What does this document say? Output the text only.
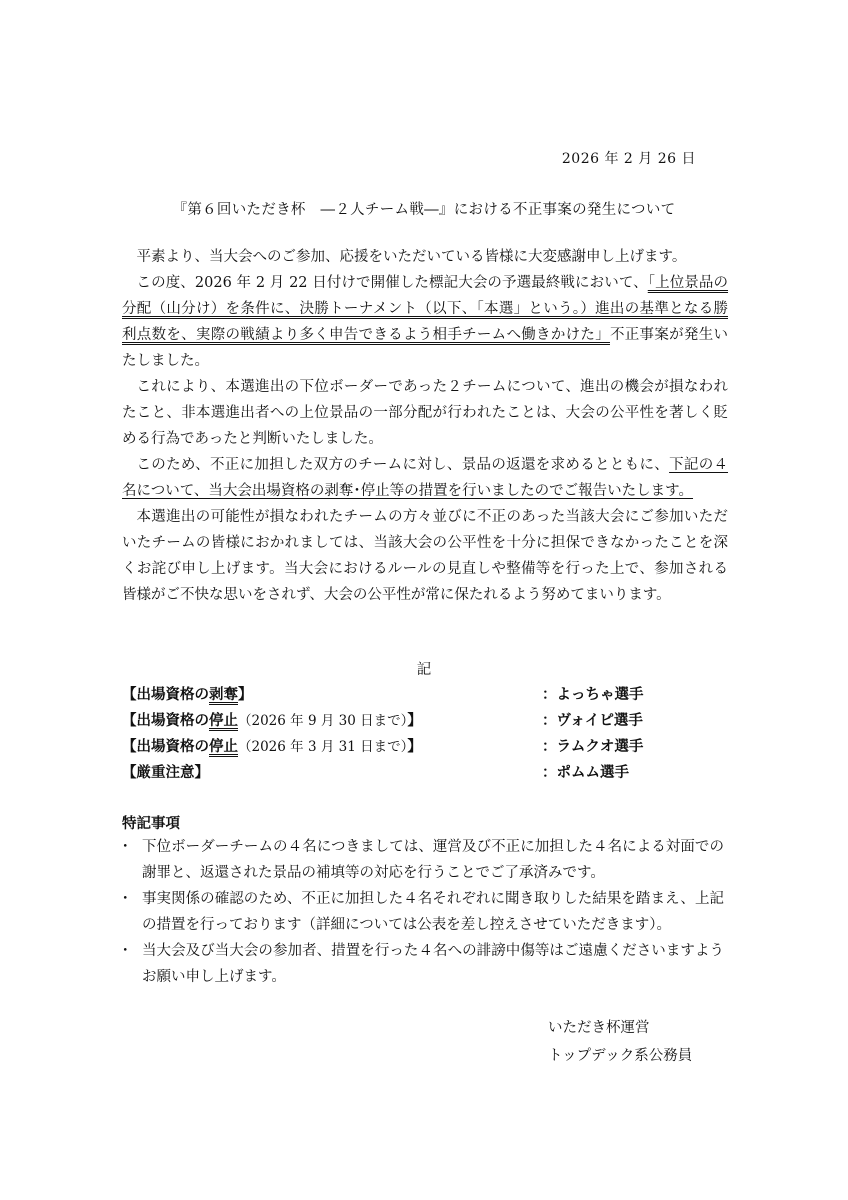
2026 年 2 月 26 日
『第６回いただき杯　―２人チーム戦―』における不正事案の発生について

平素より、当大会へのご参加、応援をいただいている皆様に大変感謝申し上げます。

この度、2026 年 2 月 22 日付けで開催した標記大会の予選最終戦において、「上位景品の分配（山分け）を条件に、決勝トーナメント（以下、「本選」という。）進出の基準となる勝利点数を、実際の戦績より多く申告できるよう相手チームへ働きかけた」不正事案が発生いたしました。

これにより、本選進出の下位ボーダーであった２チームについて、進出の機会が損なわれたこと、非本選進出者への上位景品の一部分配が行われたことは、大会の公平性を著しく貶める行為であったと判断いたしました。

このため、不正に加担した双方のチームに対し、景品の返還を求めるとともに、下記の４名について、当大会出場資格の剥奪･停止等の措置を行いましたのでご報告いたします。

本選進出の可能性が損なわれたチームの方々並びに不正のあった当該大会にご参加いただいたチームの皆様におかれましては、当該大会の公平性を十分に担保できなかったことを深くお詫び申し上げます。当大会におけるルールの見直しや整備等を行った上で、参加される皆様がご不快な思いをされず、大会の公平性が常に保たれるよう努めてまいります。

記
【出場資格の剥奪】	：よっちゃ選手
【出場資格の停止（2026 年 9 月 30 日まで）】	：ヴォイピ選手
【出場資格の停止（2026 年 3 月 31 日まで）】	：ラムクオ選手
【厳重注意】	：ポムム選手
特記事項
・ 下位ボーダーチームの４名につきましては、運営及び不正に加担した４名による対面での謝罪と、返還された景品の補填等の対応を行うことでご了承済みです。
・ 事実関係の確認のため、不正に加担した４名それぞれに聞き取りした結果を踏まえ、上記の措置を行っております（詳細については公表を差し控えさせていただきます）。
・ 当大会及び当大会の参加者、措置を行った４名への誹謗中傷等はご遠慮くださいますようお願い申し上げます。
いただき杯運営
トップデック系公務員
